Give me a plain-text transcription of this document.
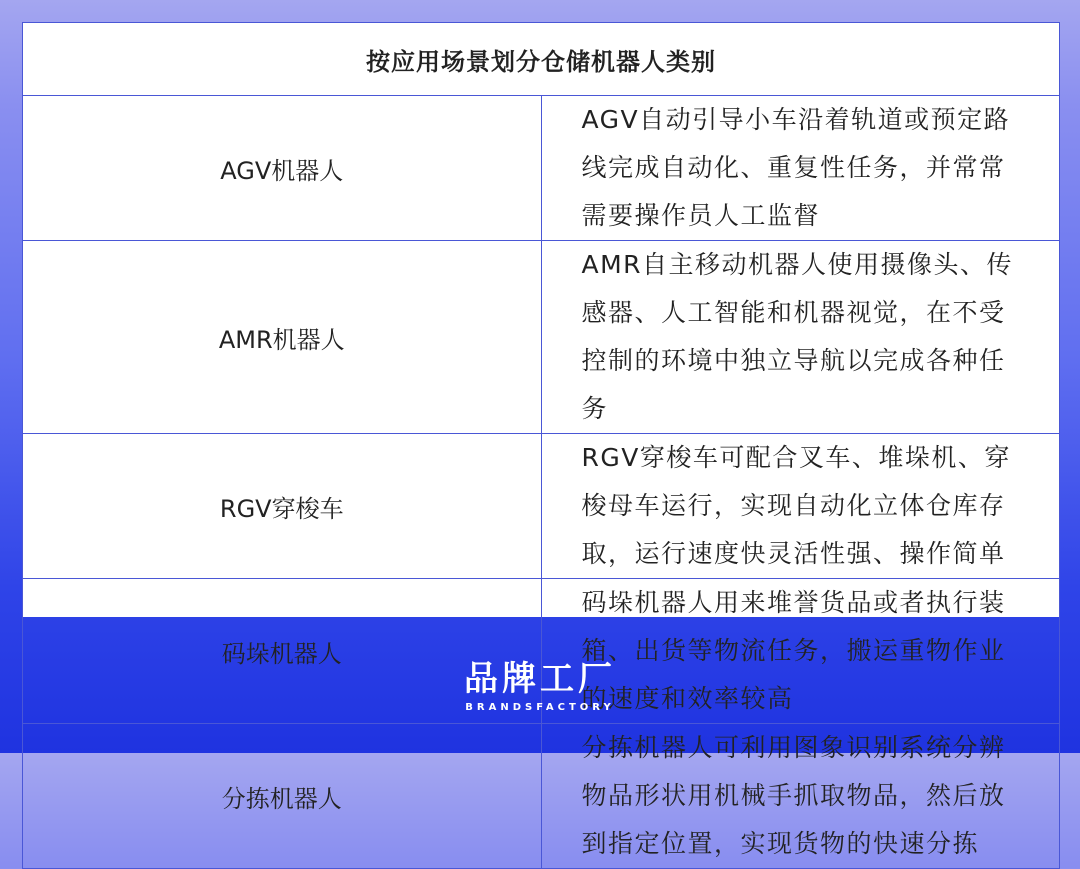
按应用场景划分仓储机器人类别	
AGV机器人	AGV自动引导小车沿着轨道或预定路线完成自动化、重复性任务，并常常需要操作员人工监督
AMR机器人	AMR自主移动机器人使用摄像头、传感器、人工智能和机器视觉，在不受控制的环境中独立导航以完成各种任务
RGV穿梭车	RGV穿梭车可配合叉车、堆垛机、穿梭母车运行，实现自动化立体仓库存取，运行速度快灵活性强、操作简单
码垛机器人	码垛机器人用来堆誉货品或者执行装箱、出货等物流任务，搬运重物作业的速度和效率较高
分拣机器人	分拣机器人可利用图象识别系统分辨物品形状用机械手抓取物品，然后放到指定位置，实现货物的快速分拣
品牌工厂
BRANDSFACTORY
